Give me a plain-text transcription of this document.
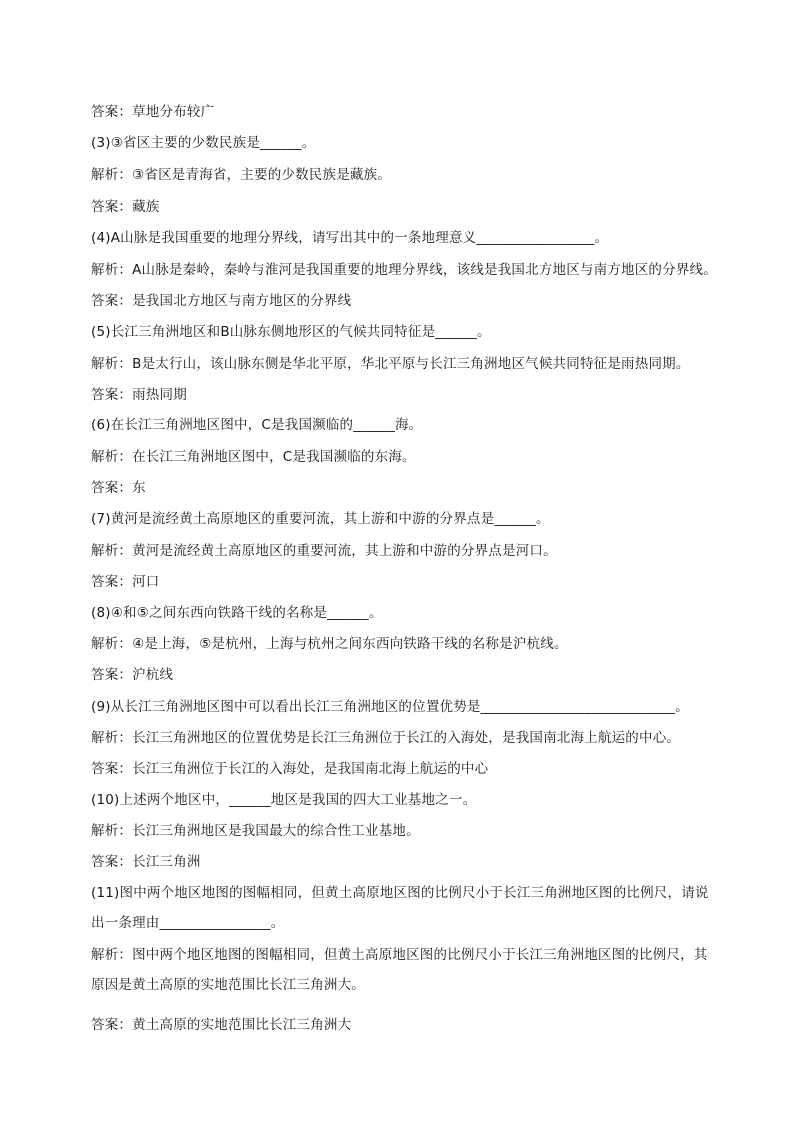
答案：草地分布较广
(3)③省区主要的少数民族是______。
解析：③省区是青海省，主要的少数民族是藏族。
答案：藏族
(4)A山脉是我国重要的地理分界线，请写出其中的一条地理意义_________________。
解析：A山脉是秦岭，秦岭与淮河是我国重要的地理分界线，该线是我国北方地区与南方地区的分界线。
答案：是我国北方地区与南方地区的分界线
(5)长江三角洲地区和B山脉东侧地形区的气候共同特征是______。
解析：B是太行山，该山脉东侧是华北平原，华北平原与长江三角洲地区气候共同特征是雨热同期。
答案：雨热同期
(6)在长江三角洲地区图中，C是我国濒临的______海。
解析：在长江三角洲地区图中，C是我国濒临的东海。
答案：东
(7)黄河是流经黄土高原地区的重要河流，其上游和中游的分界点是______。
解析：黄河是流经黄土高原地区的重要河流，其上游和中游的分界点是河口。
答案：河口
(8)④和⑤之间东西向铁路干线的名称是______。
解析：④是上海，⑤是杭州，上海与杭州之间东西向铁路干线的名称是沪杭线。
答案：沪杭线
(9)从长江三角洲地区图中可以看出长江三角洲地区的位置优势是____________________________。
解析：长江三角洲地区的位置优势是长江三角洲位于长江的入海处，是我国南北海上航运的中心。
答案：长江三角洲位于长江的入海处，是我国南北海上航运的中心
(10)上述两个地区中，______地区是我国的四大工业基地之一。
解析：长江三角洲地区是我国最大的综合性工业基地。
答案：长江三角洲
(11)图中两个地区地图的图幅相同，但黄土高原地区图的比例尺小于长江三角洲地区图的比例尺，请说出一条理由________________。
解析：图中两个地区地图的图幅相同，但黄土高原地区图的比例尺小于长江三角洲地区图的比例尺，其原因是黄土高原的实地范围比长江三角洲大。
答案：黄土高原的实地范围比长江三角洲大
